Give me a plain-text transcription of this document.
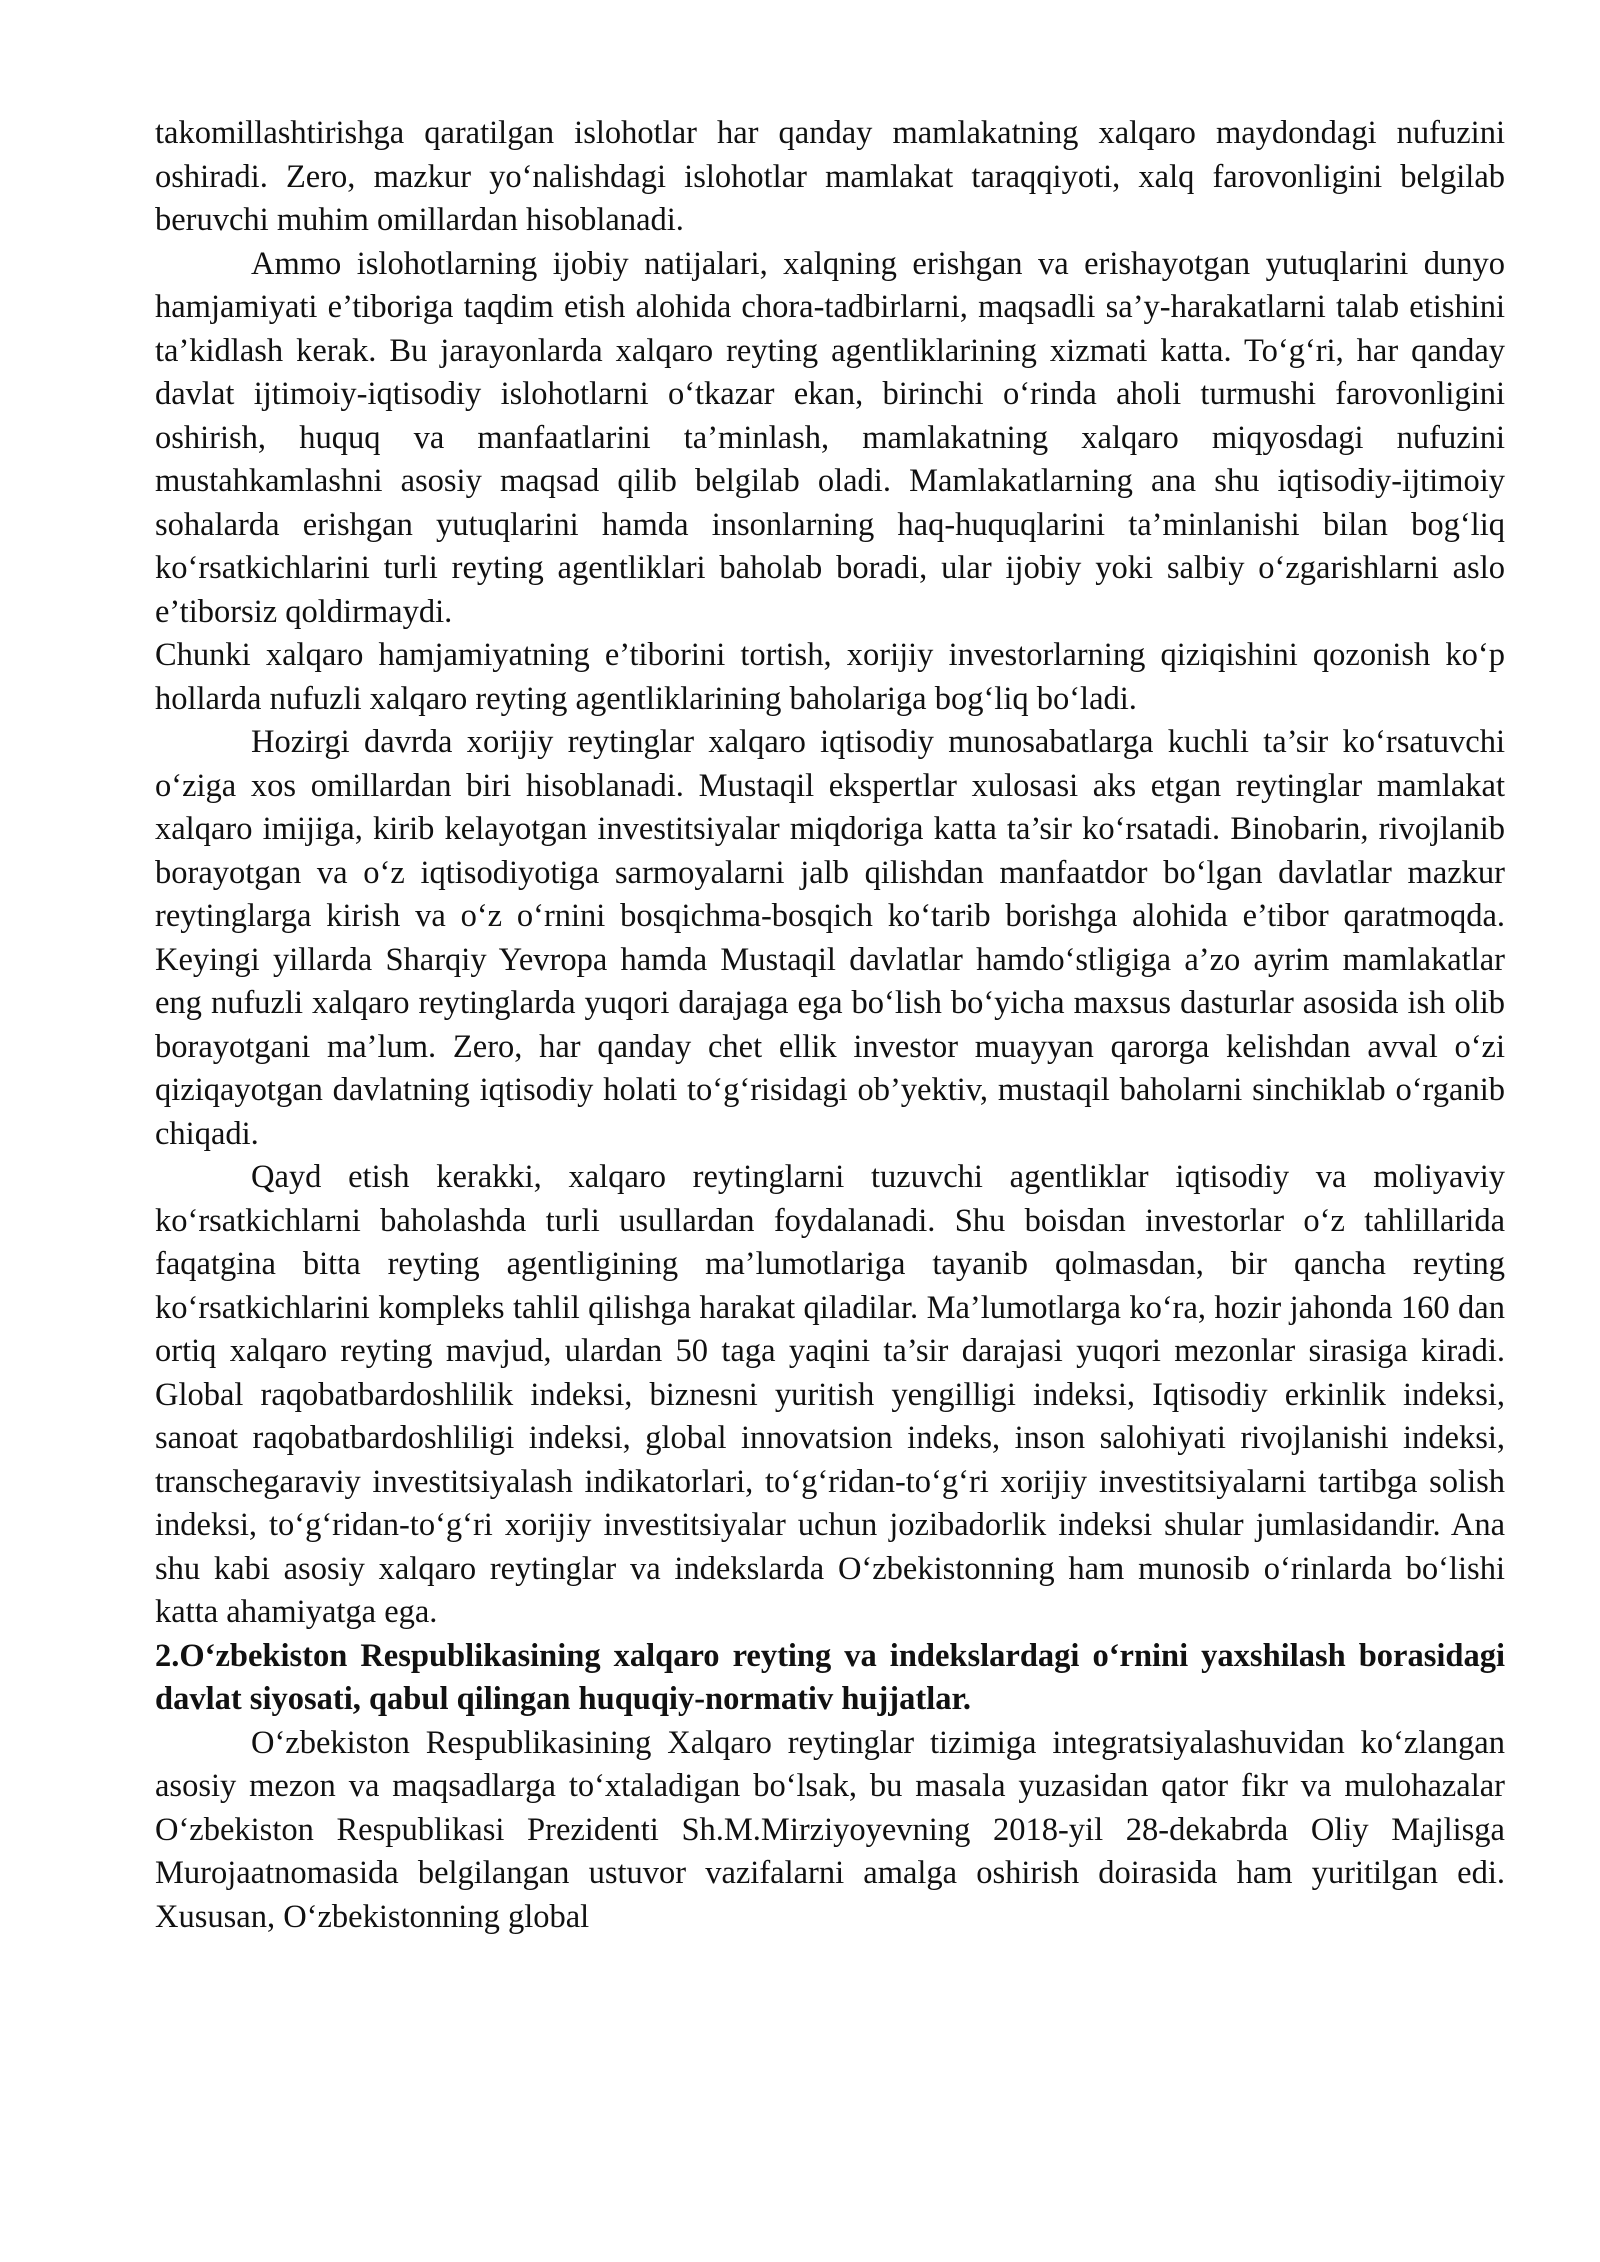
takomillashtirishga qaratilgan islohotlar har qanday mamlakatning xalqaro maydondagi nufuzini oshiradi. Zero, mazkur yo‘nalishdagi islohotlar mamlakat taraqqiyoti, xalq farovonligini belgilab beruvchi muhim omillardan hisoblanadi.

Ammo islohotlarning ijobiy natijalari, xalqning erishgan va erishayotgan yutuqlarini dunyo hamjamiyati e’tiboriga taqdim etish alohida chora-tadbirlarni, maqsadli sa’y-harakatlarni talab etishini ta’kidlash kerak. Bu jarayonlarda xalqaro reyting agentliklarining xizmati katta. To‘g‘ri, har qanday davlat ijtimoiy-iqtisodiy islohotlarni o‘tkazar ekan, birinchi o‘rinda aholi turmushi farovonligini oshirish, huquq va manfaatlarini ta’minlash, mamlakatning xalqaro miqyosdagi nufuzini mustahkamlashni asosiy maqsad qilib belgilab oladi. Mamlakatlarning ana shu iqtisodiy-ijtimoiy sohalarda erishgan yutuqlarini hamda insonlarning haq-huquqlarini ta’minlanishi bilan bog‘liq ko‘rsatkichlarini turli reyting agentliklari baholab boradi, ular ijobiy yoki salbiy o‘zgarishlarni aslo e’tiborsiz qoldirmaydi.

Chunki xalqaro hamjamiyatning e’tiborini tortish, xorijiy investorlarning qiziqishini qozonish ko‘p hollarda nufuzli xalqaro reyting agentliklarining baholariga bog‘liq bo‘ladi.

Hozirgi davrda xorijiy reytinglar xalqaro iqtisodiy munosabatlarga kuchli ta’sir ko‘rsatuvchi o‘ziga xos omillardan biri hisoblanadi. Mustaqil ekspertlar xulosasi aks etgan reytinglar mamlakat xalqaro imijiga, kirib kelayotgan investitsiyalar miqdoriga katta ta’sir ko‘rsatadi. Binobarin, rivojlanib borayotgan va o‘z iqtisodiyotiga sarmoyalarni jalb qilishdan manfaatdor bo‘lgan davlatlar mazkur reytinglarga kirish va o‘z o‘rnini bosqichma-bosqich ko‘tarib borishga alohida e’tibor qaratmoqda. Keyingi yillarda Sharqiy Yevropa hamda Mustaqil davlatlar hamdo‘stligiga a’zo ayrim mamlakatlar eng nufuzli xalqaro reytinglarda yuqori darajaga ega bo‘lish bo‘yicha maxsus dasturlar asosida ish olib borayotgani ma’lum. Zero, har qanday chet ellik investor muayyan qarorga kelishdan avval o‘zi qiziqayotgan davlatning iqtisodiy holati to‘g‘risidagi ob’yektiv, mustaqil baholarni sinchiklab o‘rganib chiqadi.

Qayd etish kerakki, xalqaro reytinglarni tuzuvchi agentliklar iqtisodiy va moliyaviy ko‘rsatkichlarni baholashda turli usullardan foydalanadi. Shu boisdan investorlar o‘z tahlillarida faqatgina bitta reyting agentligining ma’lumotlariga tayanib qolmasdan, bir qancha reyting ko‘rsatkichlarini kompleks tahlil qilishga harakat qiladilar. Ma’lumotlarga ko‘ra, hozir jahonda 160 dan ortiq xalqaro reyting mavjud, ulardan 50 taga yaqini ta’sir darajasi yuqori mezonlar sirasiga kiradi. Global raqobatbardoshlilik indeksi, biznesni yuritish yengilligi indeksi, Iqtisodiy erkinlik indeksi, sanoat raqobatbardoshliligi indeksi, global innovatsion indeks, inson salohiyati rivojlanishi indeksi, transchegaraviy investitsiyalash indikatorlari, to‘g‘ridan-to‘g‘ri xorijiy investitsiyalarni tartibga solish indeksi, to‘g‘ridan-to‘g‘ri xorijiy investitsiyalar uchun jozibadorlik indeksi shular jumlasidandir. Ana shu kabi asosiy xalqaro reytinglar va indekslarda O‘zbekistonning ham munosib o‘rinlarda bo‘lishi katta ahamiyatga ega.

2.O‘zbekiston Respublikasining xalqaro reyting va indekslardagi o‘rnini yaxshilash borasidagi davlat siyosati, qabul qilingan huquqiy-normativ hujjatlar.

O‘zbekiston Respublikasining Xalqaro reytinglar tizimiga integratsiyalashuvidan ko‘zlangan asosiy mezon va maqsadlarga to‘xtaladigan bo‘lsak, bu masala yuzasidan qator fikr va mulohazalar O‘zbekiston Respublikasi Prezidenti Sh.M.Mirziyoyevning 2018-yil 28-dekabrda Oliy Majlisga Murojaatnomasida belgilangan ustuvor vazifalarni amalga oshirish doirasida ham yuritilgan edi. Xususan, O‘zbekistonning global
